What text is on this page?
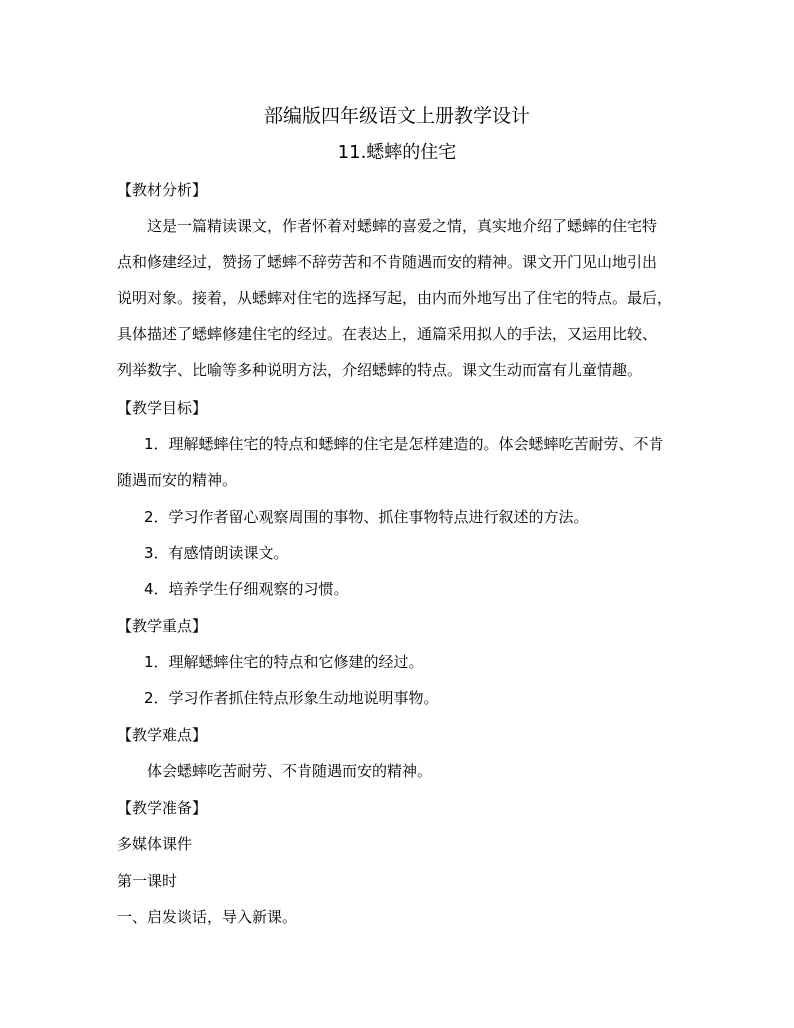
部编版四年级语文上册教学设计
11.蟋蟀的住宅
【教材分析】
这是一篇精读课文，作者怀着对蟋蟀的喜爱之情，真实地介绍了蟋蟀的住宅特
点和修建经过，赞扬了蟋蟀不辞劳苦和不肯随遇而安的精神。课文开门见山地引出
说明对象。接着，从蟋蟀对住宅的选择写起，由内而外地写出了住宅的特点。最后，
具体描述了蟋蟀修建住宅的经过。在表达上，通篇采用拟人的手法，又运用比较、
列举数字、比喻等多种说明方法，介绍蟋蟀的特点。课文生动而富有儿童情趣。
【教学目标】
1．理解蟋蟀住宅的特点和蟋蟀的住宅是怎样建造的。体会蟋蟀吃苦耐劳、不肯
随遇而安的精神。
2．学习作者留心观察周围的事物、抓住事物特点进行叙述的方法。
3．有感情朗读课文。
4．培养学生仔细观察的习惯。
【教学重点】
1．理解蟋蟀住宅的特点和它修建的经过。
2．学习作者抓住特点形象生动地说明事物。
【教学难点】
体会蟋蟀吃苦耐劳、不肯随遇而安的精神。
【教学准备】
多媒体课件
第一课时
一、启发谈话，导入新课。
